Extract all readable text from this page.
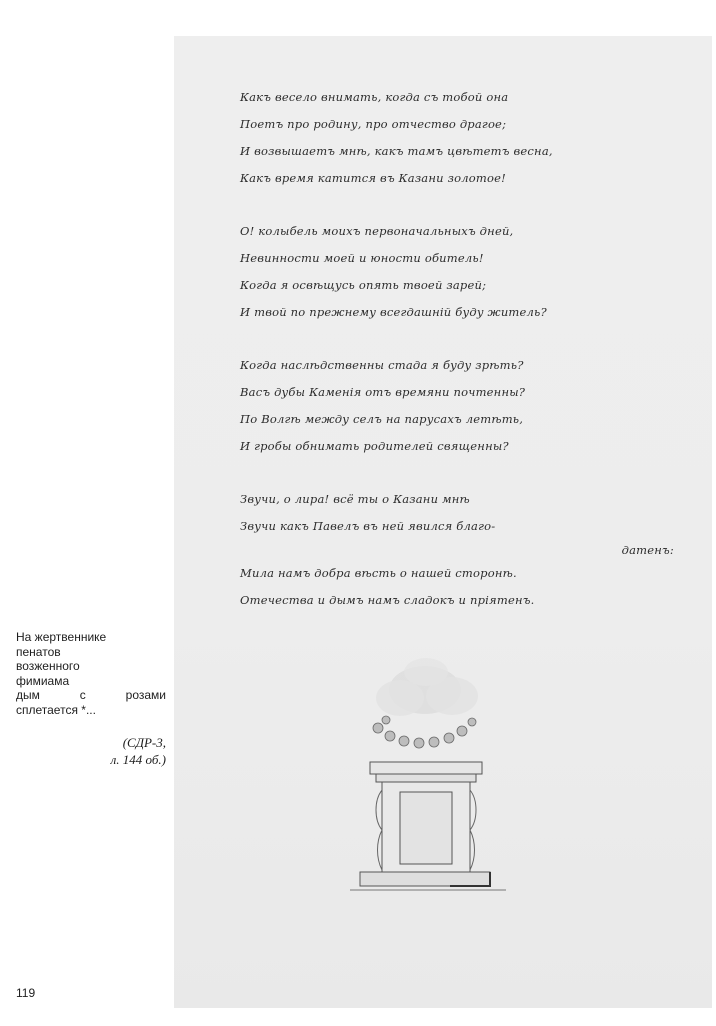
Какъ весело внимать, когда съ тобой она
Поетъ про родину, про отчество драгое;
И возвышаетъ мнѣ, какъ тамъ цвѣтетъ весна,
Какъ время катится въ Казани золотое!
О! колыбель моихъ первоначальныхъ дней,
Невинности моей и юности обитель!
Когда я освѣщусь опять твоей зарей;
И твой по прежнему всегдашній буду житель?
Когда наслѣдственны стада я буду зрѣть?
Васъ дубы Каменія отъ времяни почтенны?
По Волгѣ между селъ на парусахъ летѣть,
И гробы обнимать родителей священны?
Звучи, о лира! всё ты о Казани мнѣ
Звучи какъ Павелъ въ ней явился благо-
датенъ:
Мила намъ добра вѣсть о нашей сторонѣ.
Отечества и дымъ намъ сладокъ и пріятенъ.
На жертвеннике
пенатов
возженного
фимиама
дым с розами
сплетается *...
(СДР-3,
л. 144 об.)
119
